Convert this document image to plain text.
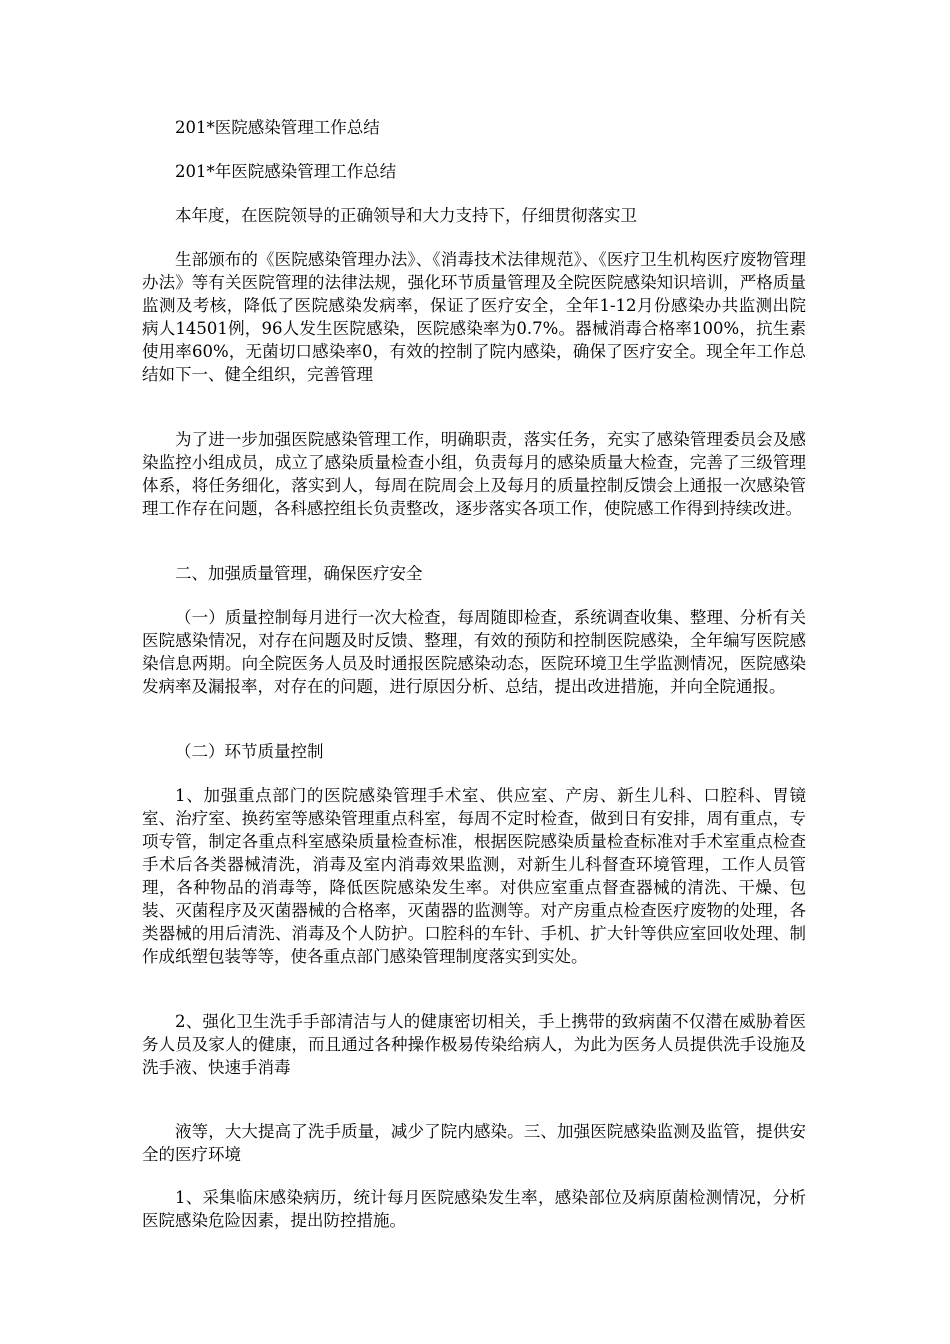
201*医院感染管理工作总结

201*年医院感染管理工作总结

本年度，在医院领导的正确领导和大力支持下，仔细贯彻落实卫

生部颁布的《医院感染管理办法》、《消毒技术法律规范》、《医疗卫生机构医疗废物管理办法》等有关医院管理的法律法规，强化环节质量管理及全院医院感染知识培训，严格质量监测及考核，降低了医院感染发病率，保证了医疗安全，全年1-12月份感染办共监测出院病人14501例，96人发生医院感染，医院感染率为0.7%。器械消毒合格率100%，抗生素使用率60%，无菌切口感染率0，有效的控制了院内感染，确保了医疗安全。现全年工作总结如下一、健全组织，完善管理

为了进一步加强医院感染管理工作，明确职责，落实任务，充实了感染管理委员会及感染监控小组成员，成立了感染质量检查小组，负责每月的感染质量大检查，完善了三级管理体系，将任务细化，落实到人，每周在院周会上及每月的质量控制反馈会上通报一次感染管理工作存在问题，各科感控组长负责整改，逐步落实各项工作，使院感工作得到持续改进。

二、加强质量管理，确保医疗安全

（一）质量控制每月进行一次大检查，每周随即检查，系统调查收集、整理、分析有关医院感染情况，对存在问题及时反馈、整理，有效的预防和控制医院感染，全年编写医院感染信息两期。向全院医务人员及时通报医院感染动态，医院环境卫生学监测情况，医院感染发病率及漏报率，对存在的问题，进行原因分析、总结，提出改进措施，并向全院通报。

（二）环节质量控制

1、加强重点部门的医院感染管理手术室、供应室、产房、新生儿科、口腔科、胃镜室、治疗室、换药室等感染管理重点科室，每周不定时检查，做到日有安排，周有重点，专项专管，制定各重点科室感染质量检查标准，根据医院感染质量检查标准对手术室重点检查手术后各类器械清洗，消毒及室内消毒效果监测，对新生儿科督查环境管理，工作人员管理，各种物品的消毒等，降低医院感染发生率。对供应室重点督查器械的清洗、干燥、包装、灭菌程序及灭菌器械的合格率，灭菌器的监测等。对产房重点检查医疗废物的处理，各类器械的用后清洗、消毒及个人防护。口腔科的车针、手机、扩大针等供应室回收处理、制作成纸塑包装等等，使各重点部门感染管理制度落实到实处。

2、强化卫生洗手手部清洁与人的健康密切相关，手上携带的致病菌不仅潜在威胁着医务人员及家人的健康，而且通过各种操作极易传染给病人，为此为医务人员提供洗手设施及洗手液、快速手消毒

液等，大大提高了洗手质量，减少了院内感染。三、加强医院感染监测及监管，提供安全的医疗环境

1、采集临床感染病历，统计每月医院感染发生率，感染部位及病原菌检测情况，分析医院感染危险因素，提出防控措施。
